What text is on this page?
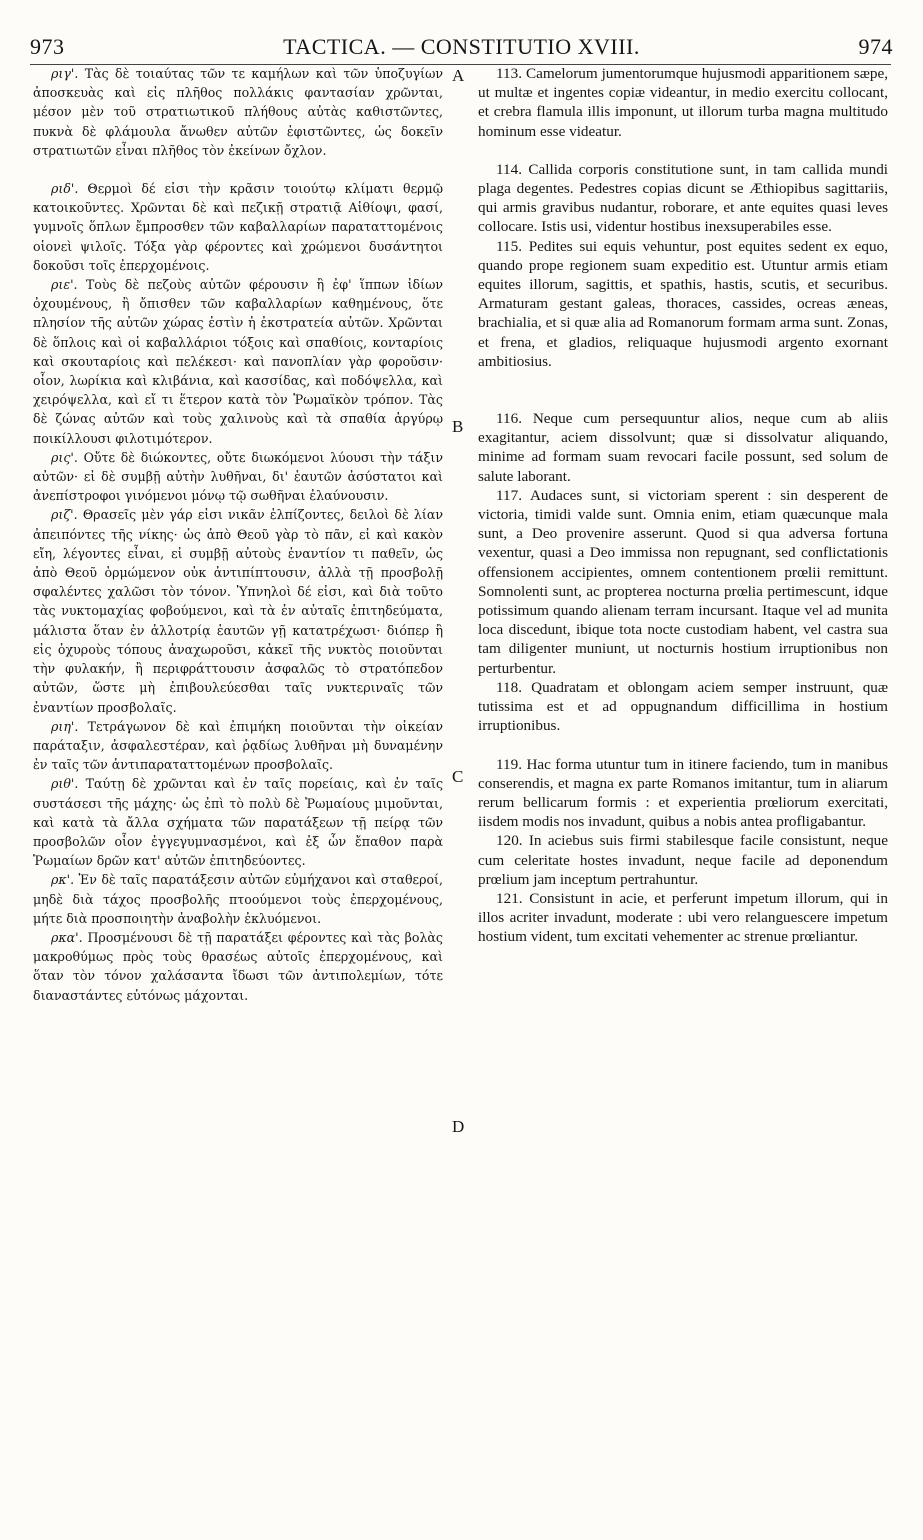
973	TACTICA. — CONSTITUTIO XVIII.	974
A
B
C
D

ριγ'. Τὰς δὲ τοιαύτας τῶν τε καμήλων καὶ τῶν ὑποζυγίων ἀποσκευὰς καὶ εἰς πλῆθος πολλάκις φαντασίαν χρῶνται, μέσον μὲν τοῦ στρατιωτικοῦ πλήθους αὐτὰς καθιστῶντες, πυκνὰ δὲ φλάμουλα ἄνωθεν αὐτῶν ἐφιστῶντες, ὡς δοκεῖν στρατιωτῶν εἶναι πλῆθος τὸν ἐκείνων ὄχλον.

ριδ'. Θερμοὶ δέ εἰσι τὴν κρᾶσιν τοιούτῳ κλίματι θερμῷ κατοικοῦντες. Χρῶνται δὲ καὶ πεζικῇ στρατιᾷ Αἰθίοψι, φασί, γυμνοῖς ὅπλων ἔμπροσθεν τῶν καβαλλαρίων παραταττομένοις οἱονεὶ ψιλοῖς. Τόξα γὰρ φέροντες καὶ χρώμενοι δυσάντητοι δοκοῦσι τοῖς ἐπερχομένοις.

ριε'. Τοὺς δὲ πεζοὺς αὐτῶν φέρουσιν ἢ ἐφ' ἵππων ἰδίων ὀχουμένους, ἢ ὄπισθεν τῶν καβαλλαρίων καθημένους, ὅτε πλησίον τῆς αὐτῶν χώρας ἐστὶν ἡ ἐκστρατεία αὐτῶν. Χρῶνται δὲ ὅπλοις καὶ οἱ καβαλλάριοι τόξοις καὶ σπαθίοις, κονταρίοις καὶ σκουταρίοις καὶ πελέκεσι· καὶ πανοπλίαν γὰρ φοροῦσιν· οἷον, λωρίκια καὶ κλιβάνια, καὶ κασσίδας, καὶ ποδόψελλα, καὶ χειρόψελλα, καὶ εἴ τι ἕτερον κατὰ τὸν Ῥωμαϊκὸν τρόπον. Τὰς δὲ ζώνας αὐτῶν καὶ τοὺς χαλινοὺς καὶ τὰ σπαθία ἀργύρῳ ποικίλλουσι φιλοτιμότερον.

ρις'. Οὔτε δὲ διώκοντες, οὔτε διωκόμενοι λύουσι τὴν τάξιν αὐτῶν· εἰ δὲ συμβῇ αὐτὴν λυθῆναι, δι' ἑαυτῶν ἀσύστατοι καὶ ἀνεπίστροφοι γινόμενοι μόνῳ τῷ σωθῆναι ἐλαύνουσιν.

ριζ'. Θρασεῖς μὲν γάρ εἰσι νικᾶν ἐλπίζοντες, δειλοὶ δὲ λίαν ἀπειπόντες τῆς νίκης· ὡς ἀπὸ Θεοῦ γὰρ τὸ πᾶν, εἰ καὶ κακὸν εἴη, λέγοντες εἶναι, εἰ συμβῇ αὐτοὺς ἐναντίον τι παθεῖν, ὡς ἀπὸ Θεοῦ ὁρμώμενον οὐκ ἀντιπίπτουσιν, ἀλλὰ τῇ προσβολῇ σφαλέντες χαλῶσι τὸν τόνον. Ὑπνηλοὶ δέ εἰσι, καὶ διὰ τοῦτο τὰς νυκτομαχίας φοβούμενοι, καὶ τὰ ἐν αὐταῖς ἐπιτηδεύματα, μάλιστα ὅταν ἐν ἀλλοτρίᾳ ἑαυτῶν γῇ κατατρέχωσι· διόπερ ἢ εἰς ὀχυροὺς τόπους ἀναχωροῦσι, κἀκεῖ τῆς νυκτὸς ποιοῦνται τὴν φυλακήν, ἢ περιφράττουσιν ἀσφαλῶς τὸ στρατόπεδον αὐτῶν, ὥστε μὴ ἐπιβουλεύεσθαι ταῖς νυκτεριναῖς τῶν ἐναντίων προσβολαῖς.

ριη'. Τετράγωνον δὲ καὶ ἐπιμήκη ποιοῦνται τὴν οἰκείαν παράταξιν, ἀσφαλεστέραν, καὶ ῥᾳδίως λυθῆναι μὴ δυναμένην ἐν ταῖς τῶν ἀντιπαραταττομένων προσβολαῖς.

ριθ'. Ταύτῃ δὲ χρῶνται καὶ ἐν ταῖς πορείαις, καὶ ἐν ταῖς συστάσεσι τῆς μάχης· ὡς ἐπὶ τὸ πολὺ δὲ Ῥωμαίους μιμοῦνται, καὶ κατὰ τὰ ἄλλα σχήματα τῶν παρατάξεων τῇ πείρᾳ τῶν προσβολῶν οἷον ἐγγεγυμνασμένοι, καὶ ἐξ ὧν ἔπαθον παρὰ Ῥωμαίων δρῶν κατ' αὐτῶν ἐπιτηδεύοντες.

ρκ'. Ἐν δὲ ταῖς παρατάξεσιν αὐτῶν εὐμήχανοι καὶ σταθεροί, μηδὲ διὰ τάχος προσβολῆς πτοούμενοι τοὺς ἐπερχομένους, μήτε διὰ προσποιητὴν ἀναβολὴν ἐκλυόμενοι.

ρκα'. Προσμένουσι δὲ τῇ παρατάξει φέροντες καὶ τὰς βολὰς μακροθύμως πρὸς τοὺς θρασέως αὐτοῖς ἐπερχομένους, καὶ ὅταν τὸν τόνον χαλάσαντα ἴδωσι τῶν ἀντιπολεμίων, τότε διαναστάντες εὐτόνως μάχονται.

113. Camelorum jumentorumque hujusmodi apparitionem sæpe, ut multæ et ingentes copiæ videantur, in medio exercitu collocant, et crebra flamula illis imponunt, ut illorum turba magna multitudo hominum esse videatur.

114. Callida corporis constitutione sunt, in tam callida mundi plaga degentes. Pedestres copias dicunt se Æthiopibus sagittariis, qui armis gravibus nudantur, roborare, et ante equites quasi leves collocare. Istis usi, videntur hostibus inexsuperabiles esse.

115. Pedites sui equis vehuntur, post equites sedent ex equo, quando prope regionem suam expeditio est. Utuntur armis etiam equites illorum, sagittis, et spathis, hastis, scutis, et securibus. Armaturam gestant galeas, thoraces, cassides, ocreas æneas, brachialia, et si quæ alia ad Romanorum formam arma sunt. Zonas, et frena, et gladios, reliquaque hujusmodi argento exornant ambitiosius.

116. Neque cum persequuntur alios, neque cum ab aliis exagitantur, aciem dissolvunt; quæ si dissolvatur aliquando, minime ad formam suam revocari facile possunt, sed solum de salute laborant.

117. Audaces sunt, si victoriam sperent : sin desperent de victoria, timidi valde sunt. Omnia enim, etiam quæcunque mala sunt, a Deo provenire asserunt. Quod si qua adversa fortuna vexentur, quasi a Deo immissa non repugnant, sed conflictationis offensionem accipientes, omnem contentionem prœlii remittunt. Somnolenti sunt, ac propterea nocturna prœlia pertimescunt, idque potissimum quando alienam terram incursant. Itaque vel ad munita loca discedunt, ibique tota nocte custodiam habent, vel castra sua tam diligenter muniunt, ut nocturnis hostium irruptionibus non perturbentur.

118. Quadratam et oblongam aciem semper instruunt, quæ tutissima est et ad oppugnandum difficillima in hostium irruptionibus.

119. Hac forma utuntur tum in itinere faciendo, tum in manibus conserendis, et magna ex parte Romanos imitantur, tum in aliarum rerum bellicarum formis : et experientia prœliorum exercitati, iisdem modis nos invadunt, quibus a nobis antea profligabantur.

120. In aciebus suis firmi stabilesque facile consistunt, neque cum celeritate hostes invadunt, neque facile ad deponendum prœlium jam inceptum pertrahuntur.

121. Consistunt in acie, et perferunt impetum illorum, qui in illos acriter invadunt, moderate : ubi vero relanguescere impetum hostium vident, tum excitati vehementer ac strenue prœliantur.
